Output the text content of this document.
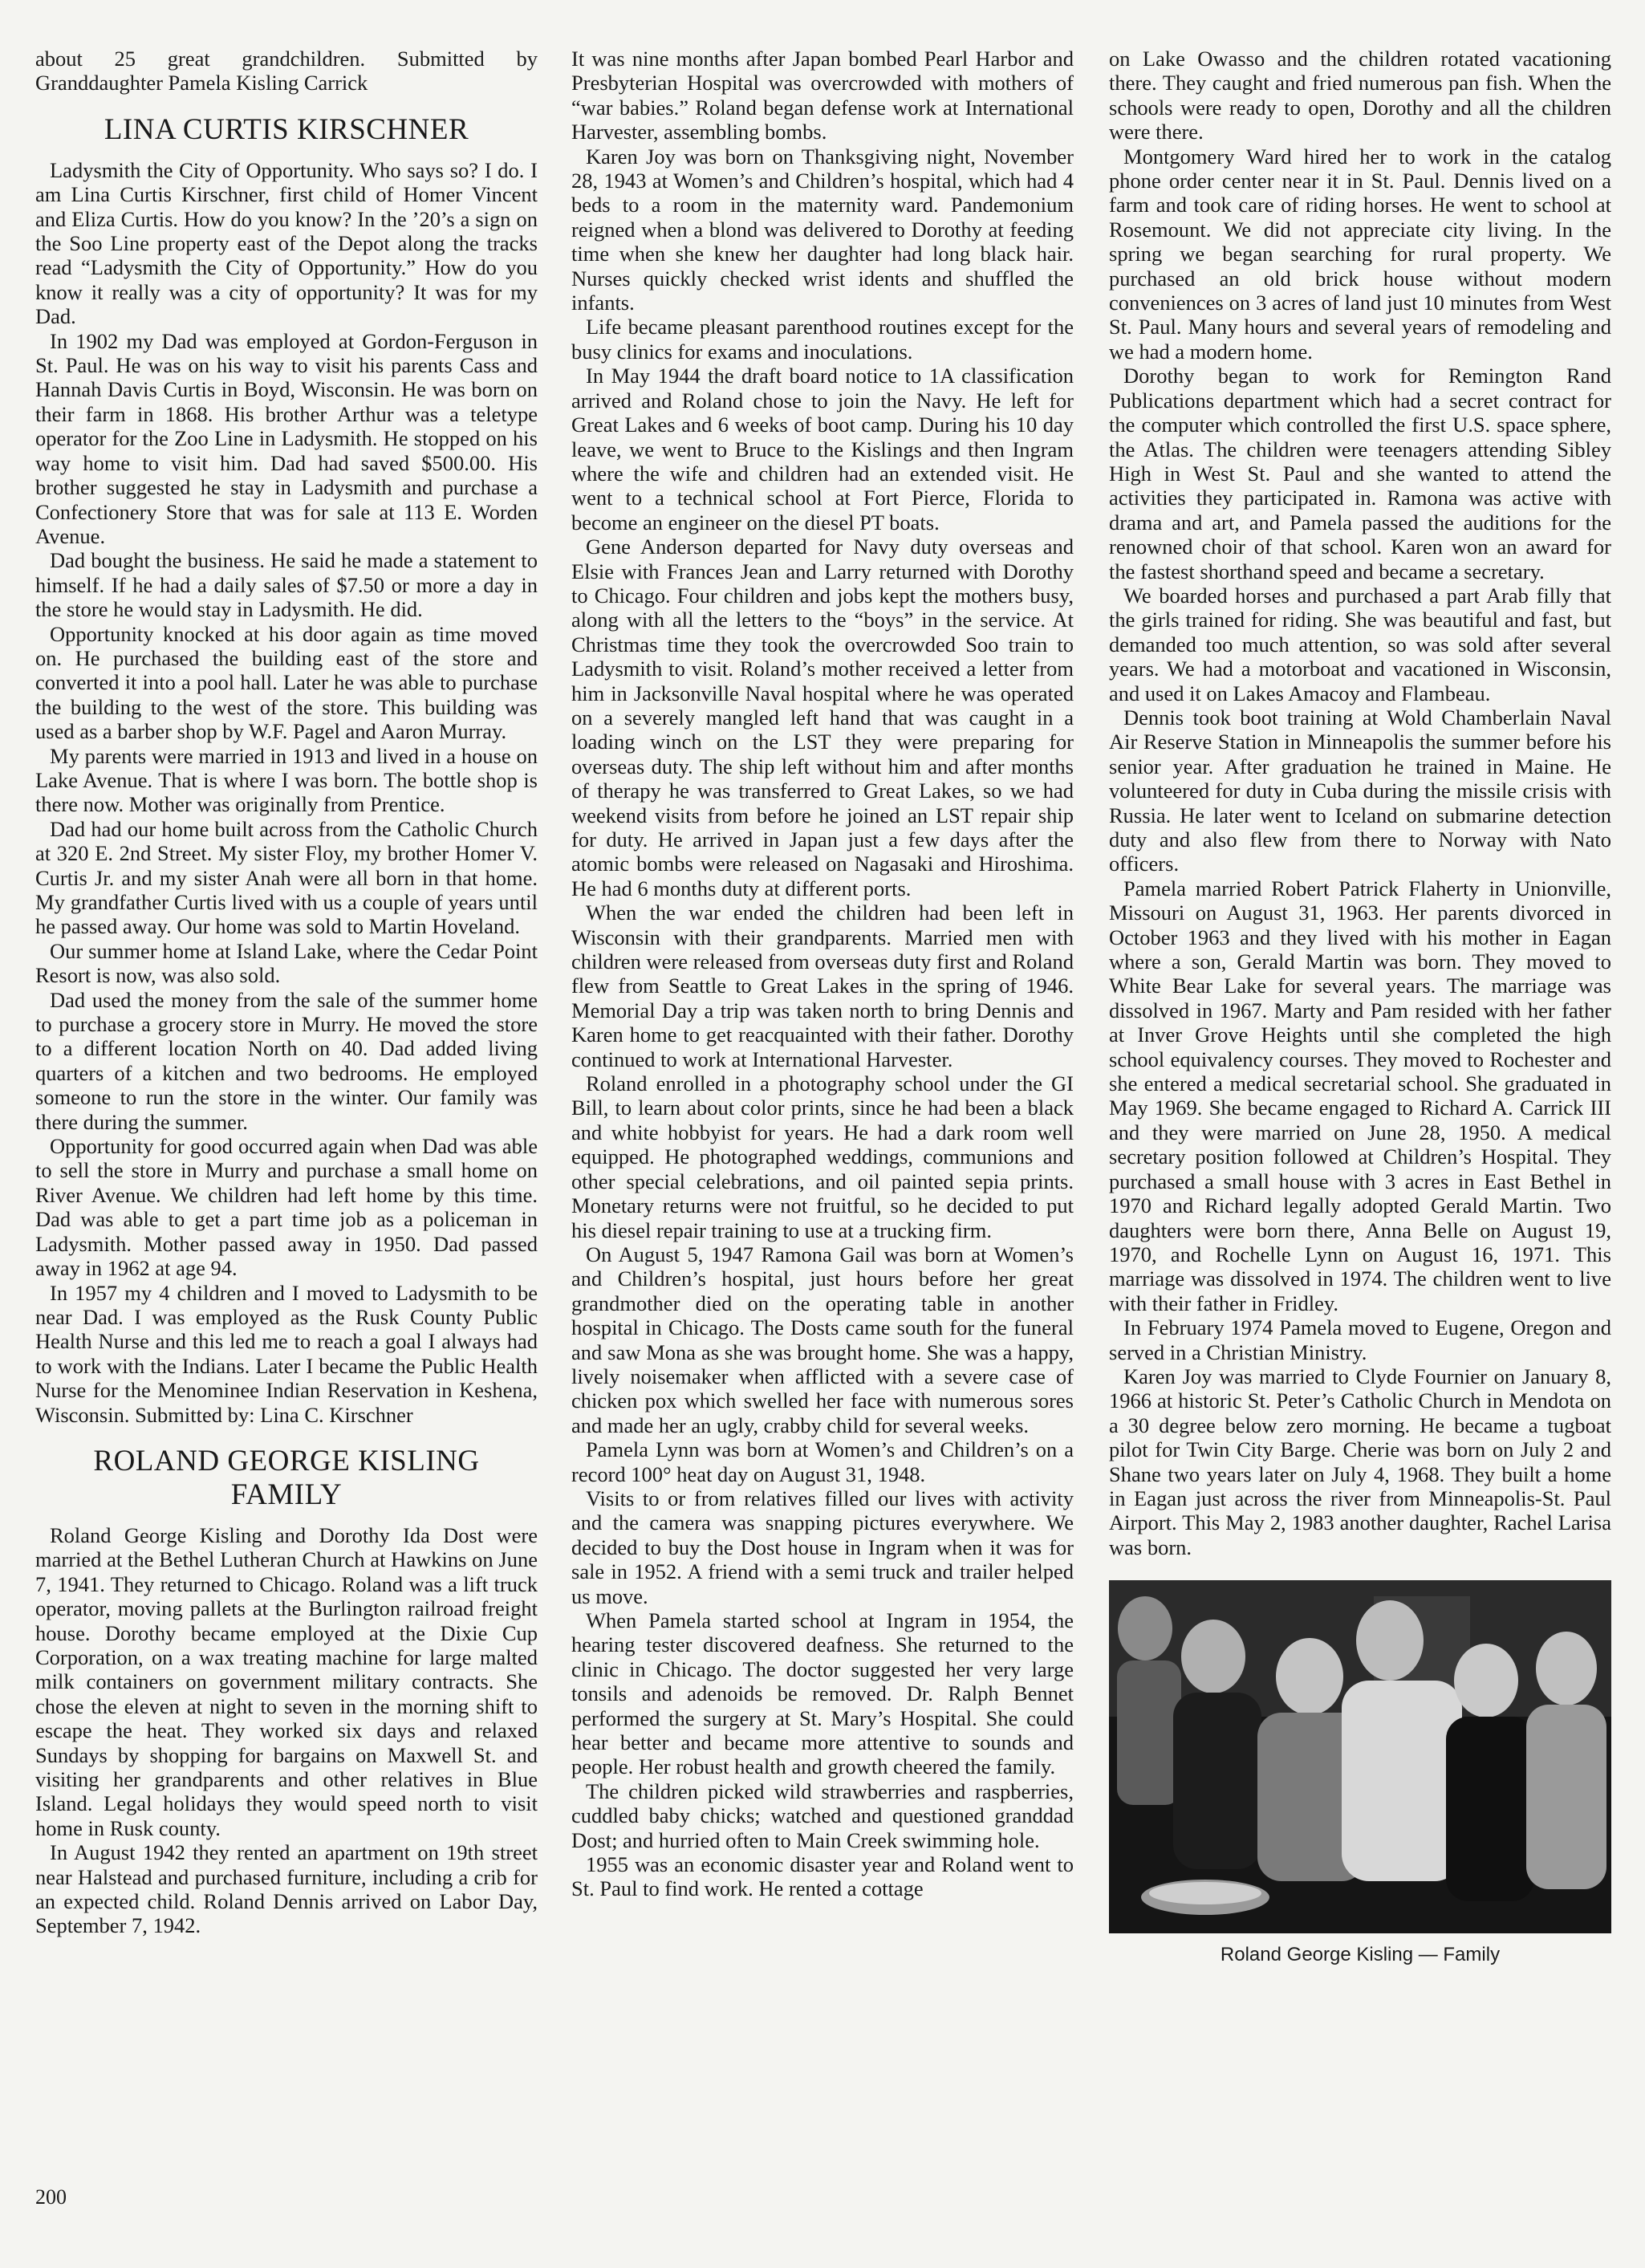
about 25 great grandchildren. Submitted by Granddaughter Pamela Kisling Carrick

LINA CURTIS KIRSCHNER

Ladysmith the City of Opportunity. Who says so? I do. I am Lina Curtis Kirschner, first child of Homer Vincent and Eliza Curtis. How do you know? In the ’20’s a sign on the Soo Line property east of the Depot along the tracks read “Ladysmith the City of Opportunity.” How do you know it really was a city of opportunity? It was for my Dad.

In 1902 my Dad was employed at Gordon-Ferguson in St. Paul. He was on his way to visit his parents Cass and Hannah Davis Curtis in Boyd, Wisconsin. He was born on their farm in 1868. His brother Arthur was a teletype operator for the Zoo Line in Ladysmith. He stopped on his way home to visit him. Dad had saved $500.00. His brother suggested he stay in Ladysmith and purchase a Confectionery Store that was for sale at 113 E. Worden Avenue.

Dad bought the business. He said he made a statement to himself. If he had a daily sales of $7.50 or more a day in the store he would stay in Ladysmith. He did.

Opportunity knocked at his door again as time moved on. He purchased the building east of the store and converted it into a pool hall. Later he was able to purchase the building to the west of the store. This building was used as a barber shop by W.F. Pagel and Aaron Murray.

My parents were married in 1913 and lived in a house on Lake Avenue. That is where I was born. The bottle shop is there now. Mother was originally from Prentice.

Dad had our home built across from the Catholic Church at 320 E. 2nd Street. My sister Floy, my brother Homer V. Curtis Jr. and my sister Anah were all born in that home. My grandfather Curtis lived with us a couple of years until he passed away. Our home was sold to Martin Hoveland.

Our summer home at Island Lake, where the Cedar Point Resort is now, was also sold.

Dad used the money from the sale of the summer home to purchase a grocery store in Murry. He moved the store to a different location North on 40. Dad added living quarters of a kitchen and two bedrooms. He employed someone to run the store in the winter. Our family was there during the summer.

Opportunity for good occurred again when Dad was able to sell the store in Murry and purchase a small home on River Avenue. We children had left home by this time. Dad was able to get a part time job as a policeman in Ladysmith. Mother passed away in 1950. Dad passed away in 1962 at age 94.

In 1957 my 4 children and I moved to Ladysmith to be near Dad. I was employed as the Rusk County Public Health Nurse and this led me to reach a goal I always had to work with the Indians. Later I became the Public Health Nurse for the Menominee Indian Reservation in Keshena, Wisconsin. Submitted by: Lina C. Kirschner

ROLAND GEORGE KISLING FAMILY

Roland George Kisling and Dorothy Ida Dost were married at the Bethel Lutheran Church at Hawkins on June 7, 1941. They returned to Chicago. Roland was a lift truck operator, moving pallets at the Burlington railroad freight house. Dorothy became employed at the Dixie Cup Corporation, on a wax treating machine for large malted milk containers on government military contracts. She chose the eleven at night to seven in the morning shift to escape the heat. They worked six days and relaxed Sundays by shopping for bargains on Maxwell St. and visiting her grandparents and other relatives in Blue Island. Legal holidays they would speed north to visit home in Rusk county.

In August 1942 they rented an apartment on 19th street near Halstead and purchased furniture, including a crib for an expected child. Roland Dennis arrived on Labor Day, September 7, 1942.

It was nine months after Japan bombed Pearl Harbor and Presbyterian Hospital was overcrowded with mothers of “war babies.” Roland began defense work at International Harvester, assembling bombs.

Karen Joy was born on Thanksgiving night, November 28, 1943 at Women’s and Children’s hospital, which had 4 beds to a room in the maternity ward. Pandemonium reigned when a blond was delivered to Dorothy at feeding time when she knew her daughter had long black hair. Nurses quickly checked wrist idents and shuffled the infants.

Life became pleasant parenthood routines except for the busy clinics for exams and inoculations.

In May 1944 the draft board notice to 1A classification arrived and Roland chose to join the Navy. He left for Great Lakes and 6 weeks of boot camp. During his 10 day leave, we went to Bruce to the Kislings and then Ingram where the wife and children had an extended visit. He went to a technical school at Fort Pierce, Florida to become an engineer on the diesel PT boats.

Gene Anderson departed for Navy duty overseas and Elsie with Frances Jean and Larry returned with Dorothy to Chicago. Four children and jobs kept the mothers busy, along with all the letters to the “boys” in the service. At Christmas time they took the overcrowded Soo train to Ladysmith to visit. Roland’s mother received a letter from him in Jacksonville Naval hospital where he was operated on a severely mangled left hand that was caught in a loading winch on the LST they were preparing for overseas duty. The ship left without him and after months of therapy he was transferred to Great Lakes, so we had weekend visits from before he joined an LST repair ship for duty. He arrived in Japan just a few days after the atomic bombs were released on Nagasaki and Hiroshima. He had 6 months duty at different ports.

When the war ended the children had been left in Wisconsin with their grandparents. Married men with children were released from overseas duty first and Roland flew from Seattle to Great Lakes in the spring of 1946. Memorial Day a trip was taken north to bring Dennis and Karen home to get reacquainted with their father. Dorothy continued to work at International Harvester.

Roland enrolled in a photography school under the GI Bill, to learn about color prints, since he had been a black and white hobbyist for years. He had a dark room well equipped. He photographed weddings, communions and other special celebrations, and oil painted sepia prints. Monetary returns were not fruitful, so he decided to put his diesel repair training to use at a trucking firm.

On August 5, 1947 Ramona Gail was born at Women’s and Children’s hospital, just hours before her great grandmother died on the operating table in another hospital in Chicago. The Dosts came south for the funeral and saw Mona as she was brought home. She was a happy, lively noisemaker when afflicted with a severe case of chicken pox which swelled her face with numerous sores and made her an ugly, crabby child for several weeks.

Pamela Lynn was born at Women’s and Children’s on a record 100° heat day on August 31, 1948.

Visits to or from relatives filled our lives with activity and the camera was snapping pictures everywhere. We decided to buy the Dost house in Ingram when it was for sale in 1952. A friend with a semi truck and trailer helped us move.

When Pamela started school at Ingram in 1954, the hearing tester discovered deafness. She returned to the clinic in Chicago. The doctor suggested her very large tonsils and adenoids be removed. Dr. Ralph Bennet performed the surgery at St. Mary’s Hospital. She could hear better and became more attentive to sounds and people. Her robust health and growth cheered the family.

The children picked wild strawberries and raspberries, cuddled baby chicks; watched and questioned granddad Dost; and hurried often to Main Creek swimming hole.

1955 was an economic disaster year and Roland went to St. Paul to find work. He rented a cottage

on Lake Owasso and the children rotated vacationing there. They caught and fried numerous pan fish. When the schools were ready to open, Dorothy and all the children were there.

Montgomery Ward hired her to work in the catalog phone order center near it in St. Paul. Dennis lived on a farm and took care of riding horses. He went to school at Rosemount. We did not appreciate city living. In the spring we began searching for rural property. We purchased an old brick house without modern conveniences on 3 acres of land just 10 minutes from West St. Paul. Many hours and several years of remodeling and we had a modern home.

Dorothy began to work for Remington Rand Publications department which had a secret contract for the computer which controlled the first U.S. space sphere, the Atlas. The children were teenagers attending Sibley High in West St. Paul and she wanted to attend the activities they participated in. Ramona was active with drama and art, and Pamela passed the auditions for the renowned choir of that school. Karen won an award for the fastest shorthand speed and became a secretary.

We boarded horses and purchased a part Arab filly that the girls trained for riding. She was beautiful and fast, but demanded too much attention, so was sold after several years. We had a motorboat and vacationed in Wisconsin, and used it on Lakes Amacoy and Flambeau.

Dennis took boot training at Wold Chamberlain Naval Air Reserve Station in Minneapolis the summer before his senior year. After graduation he trained in Maine. He volunteered for duty in Cuba during the missile crisis with Russia. He later went to Iceland on submarine detection duty and also flew from there to Norway with Nato officers.

Pamela married Robert Patrick Flaherty in Unionville, Missouri on August 31, 1963. Her parents divorced in October 1963 and they lived with his mother in Eagan where a son, Gerald Martin was born. They moved to White Bear Lake for several years. The marriage was dissolved in 1967. Marty and Pam resided with her father at Inver Grove Heights until she completed the high school equivalency courses. They moved to Rochester and she entered a medical secretarial school. She graduated in May 1969. She became engaged to Richard A. Carrick III and they were married on June 28, 1950. A medical secretary position followed at Children’s Hospital. They purchased a small house with 3 acres in East Bethel in 1970 and Richard legally adopted Gerald Martin. Two daughters were born there, Anna Belle on August 19, 1970, and Rochelle Lynn on August 16, 1971. This marriage was dissolved in 1974. The children went to live with their father in Fridley.

In February 1974 Pamela moved to Eugene, Oregon and served in a Christian Ministry.

Karen Joy was married to Clyde Fournier on January 8, 1966 at historic St. Peter’s Catholic Church in Mendota on a 30 degree below zero morning. He became a tugboat pilot for Twin City Barge. Cherie was born on July 2 and Shane two years later on July 4, 1968. They built a home in Eagan just across the river from Minneapolis-St. Paul Airport. This May 2, 1983 another daughter, Rachel Larisa was born.

Roland George Kisling — Family
200
